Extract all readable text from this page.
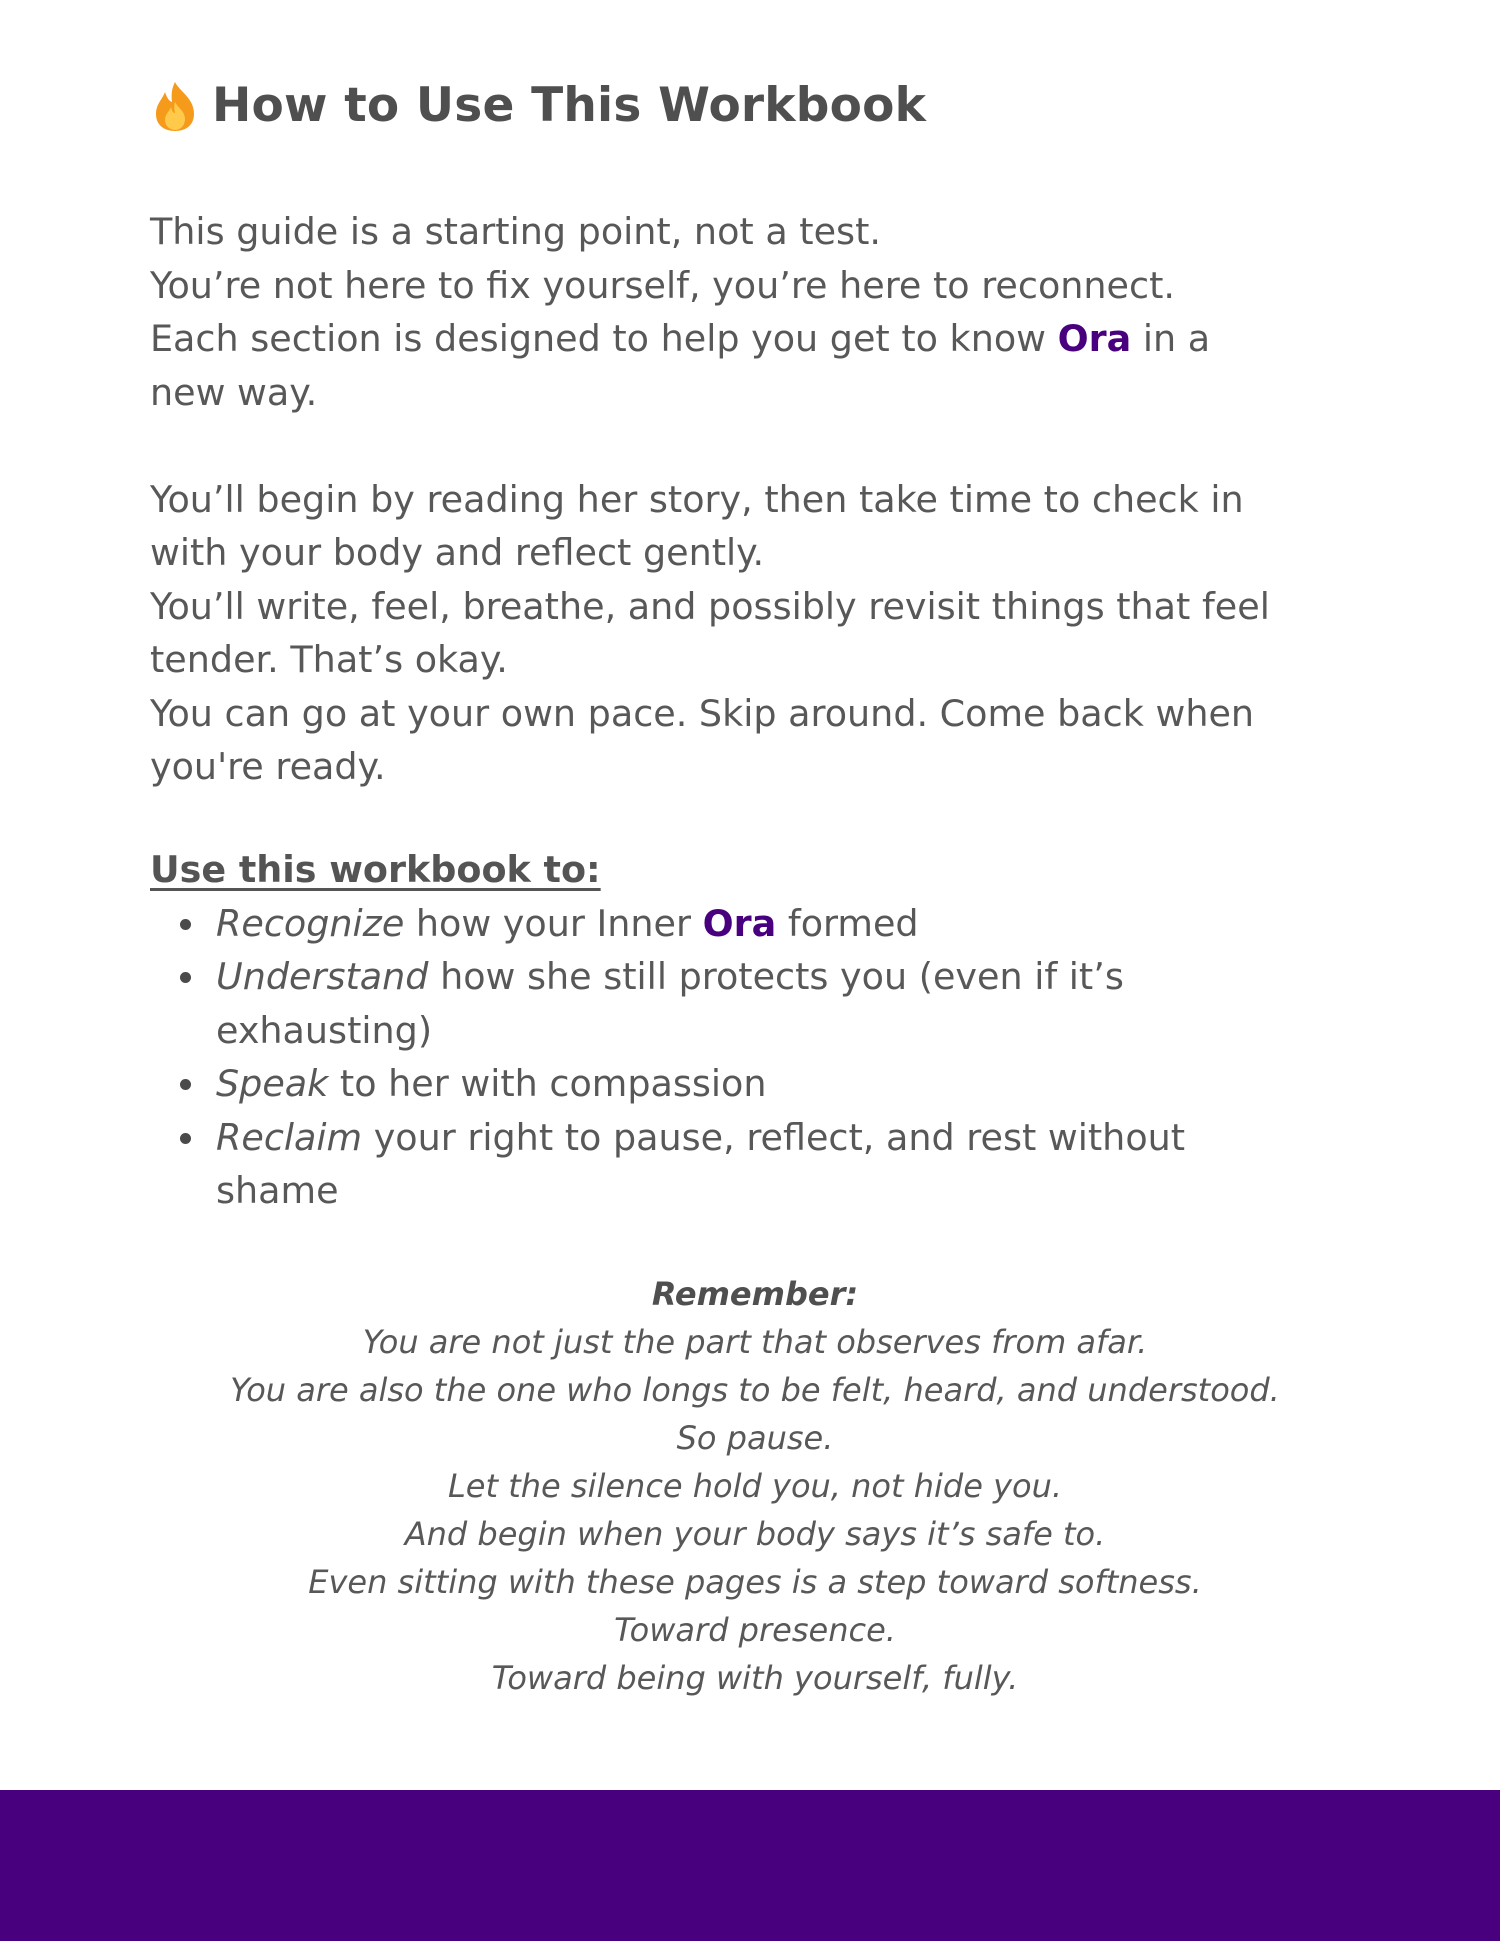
How to Use This Workbook
This guide is a starting point, not a test.
You’re not here to fix yourself, you’re here to reconnect.
Each section is designed to help you get to know Ora in a
new way.
You’ll begin by reading her story, then take time to check in
with your body and reflect gently.
You’ll write, feel, breathe, and possibly revisit things that feel
tender. That’s okay.
You can go at your own pace. Skip around. Come back when
you're ready.
Use this workbook to:
Recognize how your Inner Ora formed
Understand how she still protects you (even if it’s
exhausting)
Speak to her with compassion
Reclaim your right to pause, reflect, and rest without
shame
Remember:
You are not just the part that observes from afar.
You are also the one who longs to be felt, heard, and understood.
So pause.
Let the silence hold you, not hide you.
And begin when your body says it’s safe to.
Even sitting with these pages is a step toward softness.
Toward presence.
Toward being with yourself, fully.
